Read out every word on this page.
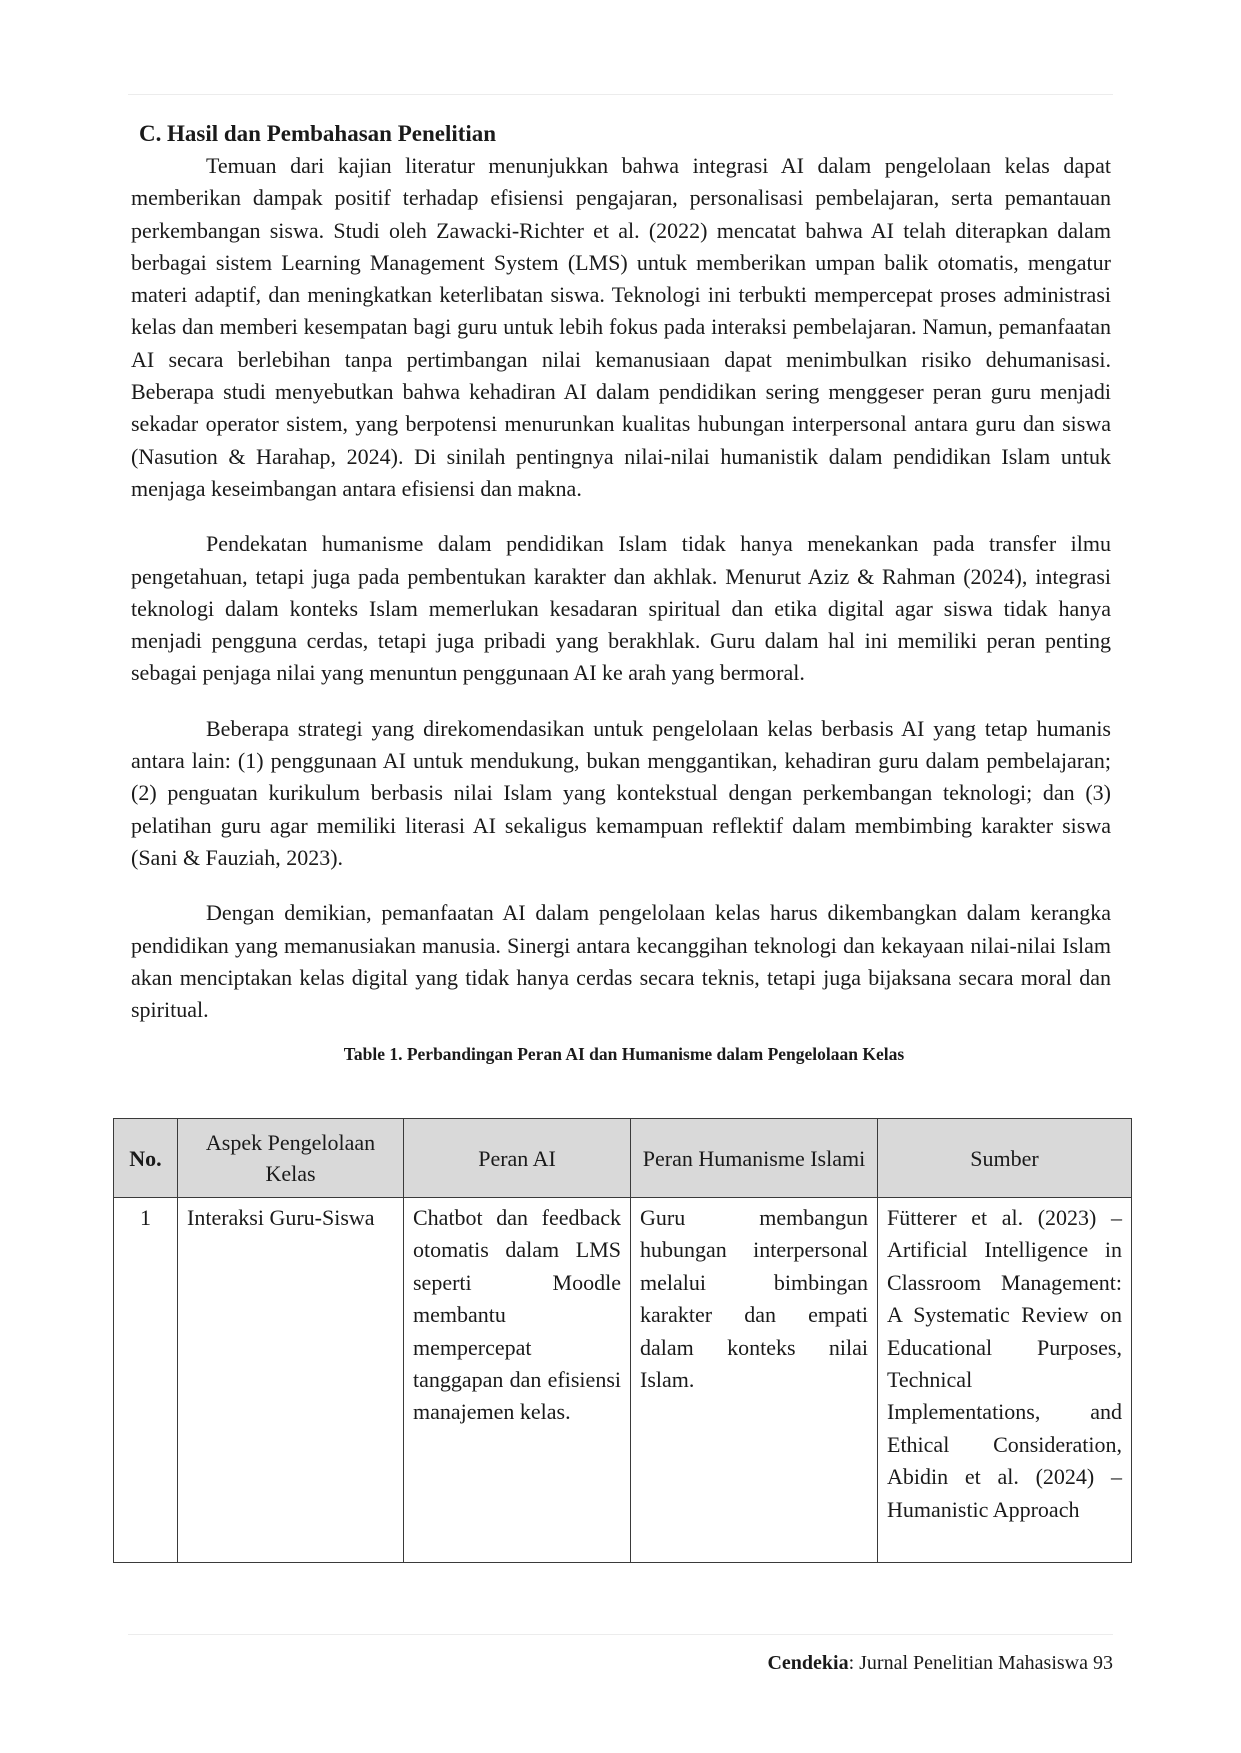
C. Hasil dan Pembahasan Penelitian

Temuan dari kajian literatur menunjukkan bahwa integrasi AI dalam pengelolaan kelas dapat memberikan dampak positif terhadap efisiensi pengajaran, personalisasi pembelajaran, serta pemantauan perkembangan siswa. Studi oleh Zawacki-Richter et al. (2022) mencatat bahwa AI telah diterapkan dalam berbagai sistem Learning Management System (LMS) untuk memberikan umpan balik otomatis, mengatur materi adaptif, dan meningkatkan keterlibatan siswa. Teknologi ini terbukti mempercepat proses administrasi kelas dan memberi kesempatan bagi guru untuk lebih fokus pada interaksi pembelajaran. Namun, pemanfaatan AI secara berlebihan tanpa pertimbangan nilai kemanusiaan dapat menimbulkan risiko dehumanisasi. Beberapa studi menyebutkan bahwa kehadiran AI dalam pendidikan sering menggeser peran guru menjadi sekadar operator sistem, yang berpotensi menurunkan kualitas hubungan interpersonal antara guru dan siswa (Nasution & Harahap, 2024). Di sinilah pentingnya nilai-nilai humanistik dalam pendidikan Islam untuk menjaga keseimbangan antara efisiensi dan makna.

Pendekatan humanisme dalam pendidikan Islam tidak hanya menekankan pada transfer ilmu pengetahuan, tetapi juga pada pembentukan karakter dan akhlak. Menurut Aziz & Rahman (2024), integrasi teknologi dalam konteks Islam memerlukan kesadaran spiritual dan etika digital agar siswa tidak hanya menjadi pengguna cerdas, tetapi juga pribadi yang berakhlak. Guru dalam hal ini memiliki peran penting sebagai penjaga nilai yang menuntun penggunaan AI ke arah yang bermoral.

Beberapa strategi yang direkomendasikan untuk pengelolaan kelas berbasis AI yang tetap humanis antara lain: (1) penggunaan AI untuk mendukung, bukan menggantikan, kehadiran guru dalam pembelajaran; (2) penguatan kurikulum berbasis nilai Islam yang kontekstual dengan perkembangan teknologi; dan (3) pelatihan guru agar memiliki literasi AI sekaligus kemampuan reflektif dalam membimbing karakter siswa (Sani & Fauziah, 2023).

Dengan demikian, pemanfaatan AI dalam pengelolaan kelas harus dikembangkan dalam kerangka pendidikan yang memanusiakan manusia. Sinergi antara kecanggihan teknologi dan kekayaan nilai-nilai Islam akan menciptakan kelas digital yang tidak hanya cerdas secara teknis, tetapi juga bijaksana secara moral dan spiritual.

Table 1. Perbandingan Peran AI dan Humanisme dalam Pengelolaan Kelas
No.	Aspek Pengelolaan Kelas	Peran AI	Peran Humanisme Islami	Sumber
1	Interaksi Guru-Siswa	Chatbot dan feedback otomatis dalam LMS seperti Moodle membantu mempercepat tanggapan dan efisiensi manajemen kelas.	Guru membangun hubungan interpersonal melalui bimbingan karakter dan empati dalam konteks nilai Islam.	Fütterer et al. (2023) – Artificial Intelligence in Classroom Management: A Systematic Review on Educational Purposes, Technical Implementations, and Ethical Consideration, Abidin et al. (2024) – Humanistic Approach
Cendekia: Jurnal Penelitian Mahasiswa 93
